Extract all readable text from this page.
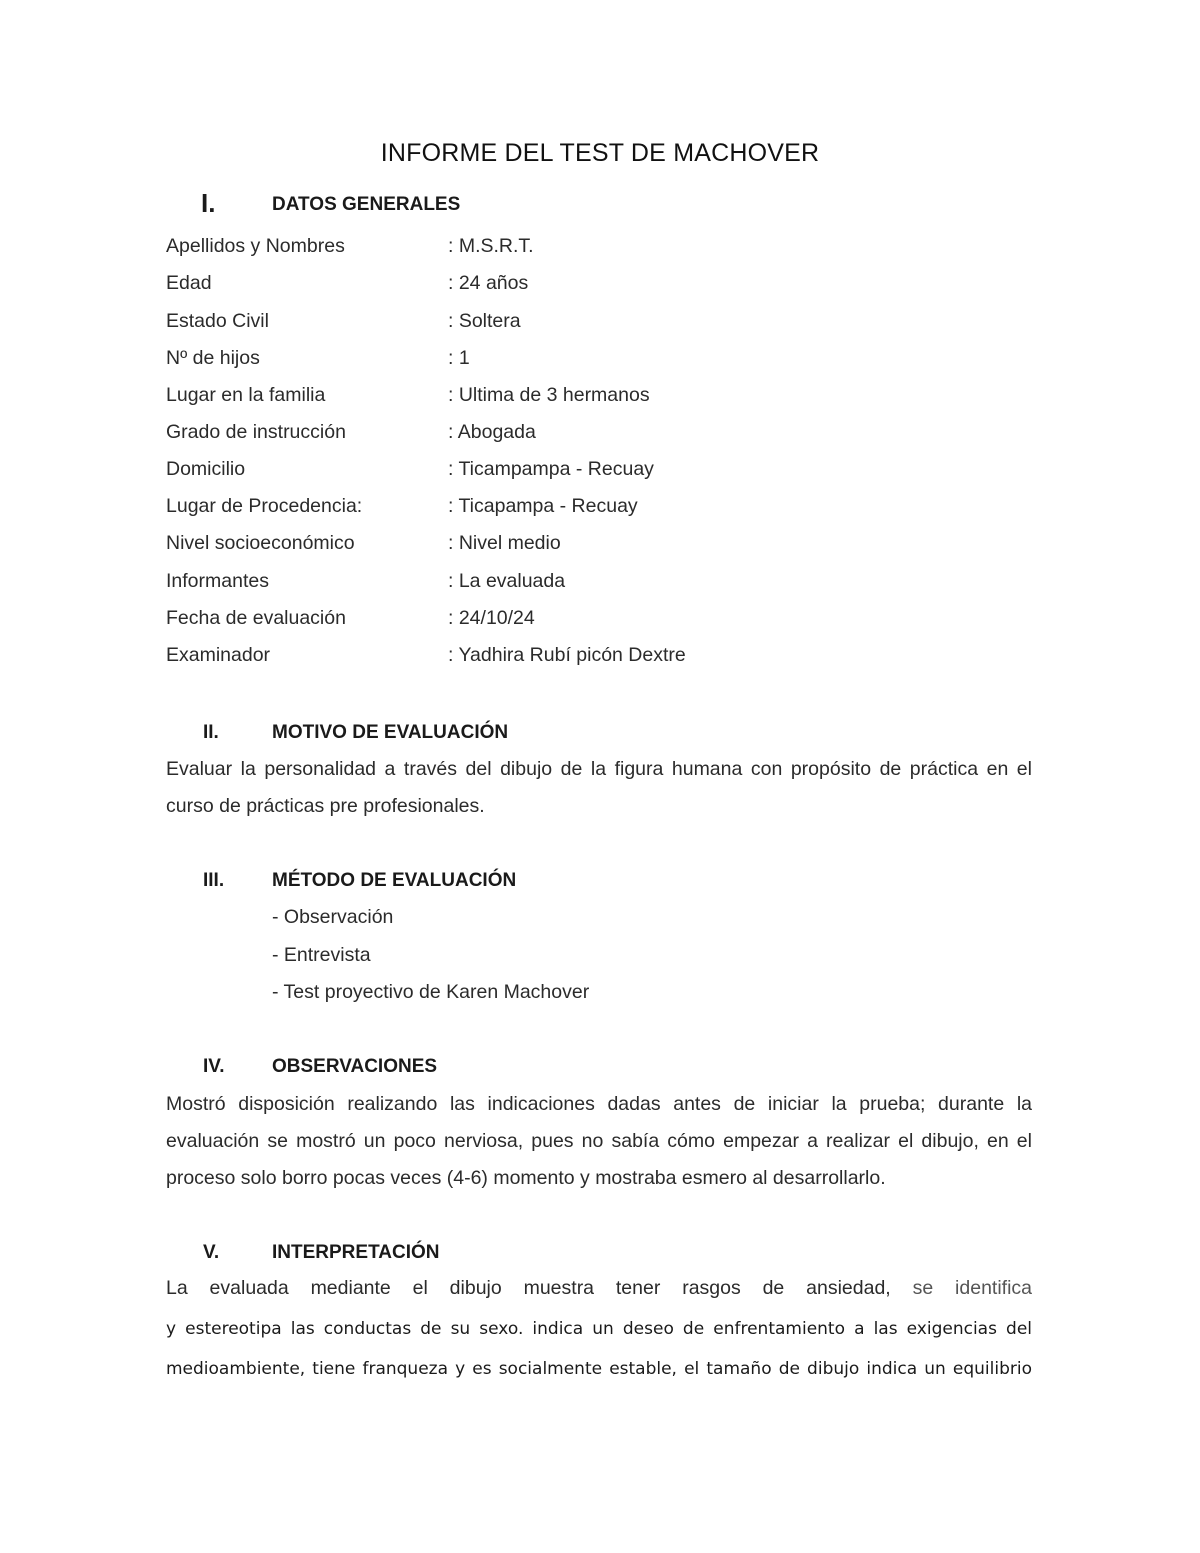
INFORME DEL TEST DE MACHOVER
I.	DATOS GENERALES
Apellidos y Nombres	: M.S.R.T.
Edad	: 24 años
Estado Civil	: Soltera
Nº de hijos	: 1
Lugar en la familia	: Ultima de 3 hermanos
Grado de instrucción	: Abogada
Domicilio	: Ticampampa - Recuay
Lugar de Procedencia:	: Ticapampa - Recuay
Nivel socioeconómico	: Nivel medio
Informantes	: La evaluada
Fecha de evaluación	: 24/10/24
Examinador	: Yadhira Rubí picón Dextre
II.	MOTIVO DE EVALUACIÓN
Evaluar la personalidad a través del dibujo de la figura humana con propósito de práctica en el curso de prácticas pre profesionales.
III.	MÉTODO DE EVALUACIÓN
- Observación
- Entrevista
- Test proyectivo de Karen Machover
IV.	OBSERVACIONES
Mostró disposición realizando las indicaciones dadas antes de iniciar la prueba; durante la evaluación se mostró un poco nerviosa, pues no sabía cómo empezar a realizar el dibujo, en el proceso solo borro pocas veces (4-6) momento y mostraba esmero al desarrollarlo.
V.	INTERPRETACIÓN
La evaluada mediante el dibujo muestra tener rasgos de ansiedad, se identifica
y estereotipa las conductas de su sexo. indica un deseo de enfrentamiento a las exigencias del
medioambiente, tiene franqueza y es socialmente estable, el tamaño de dibujo indica un equilibrio
